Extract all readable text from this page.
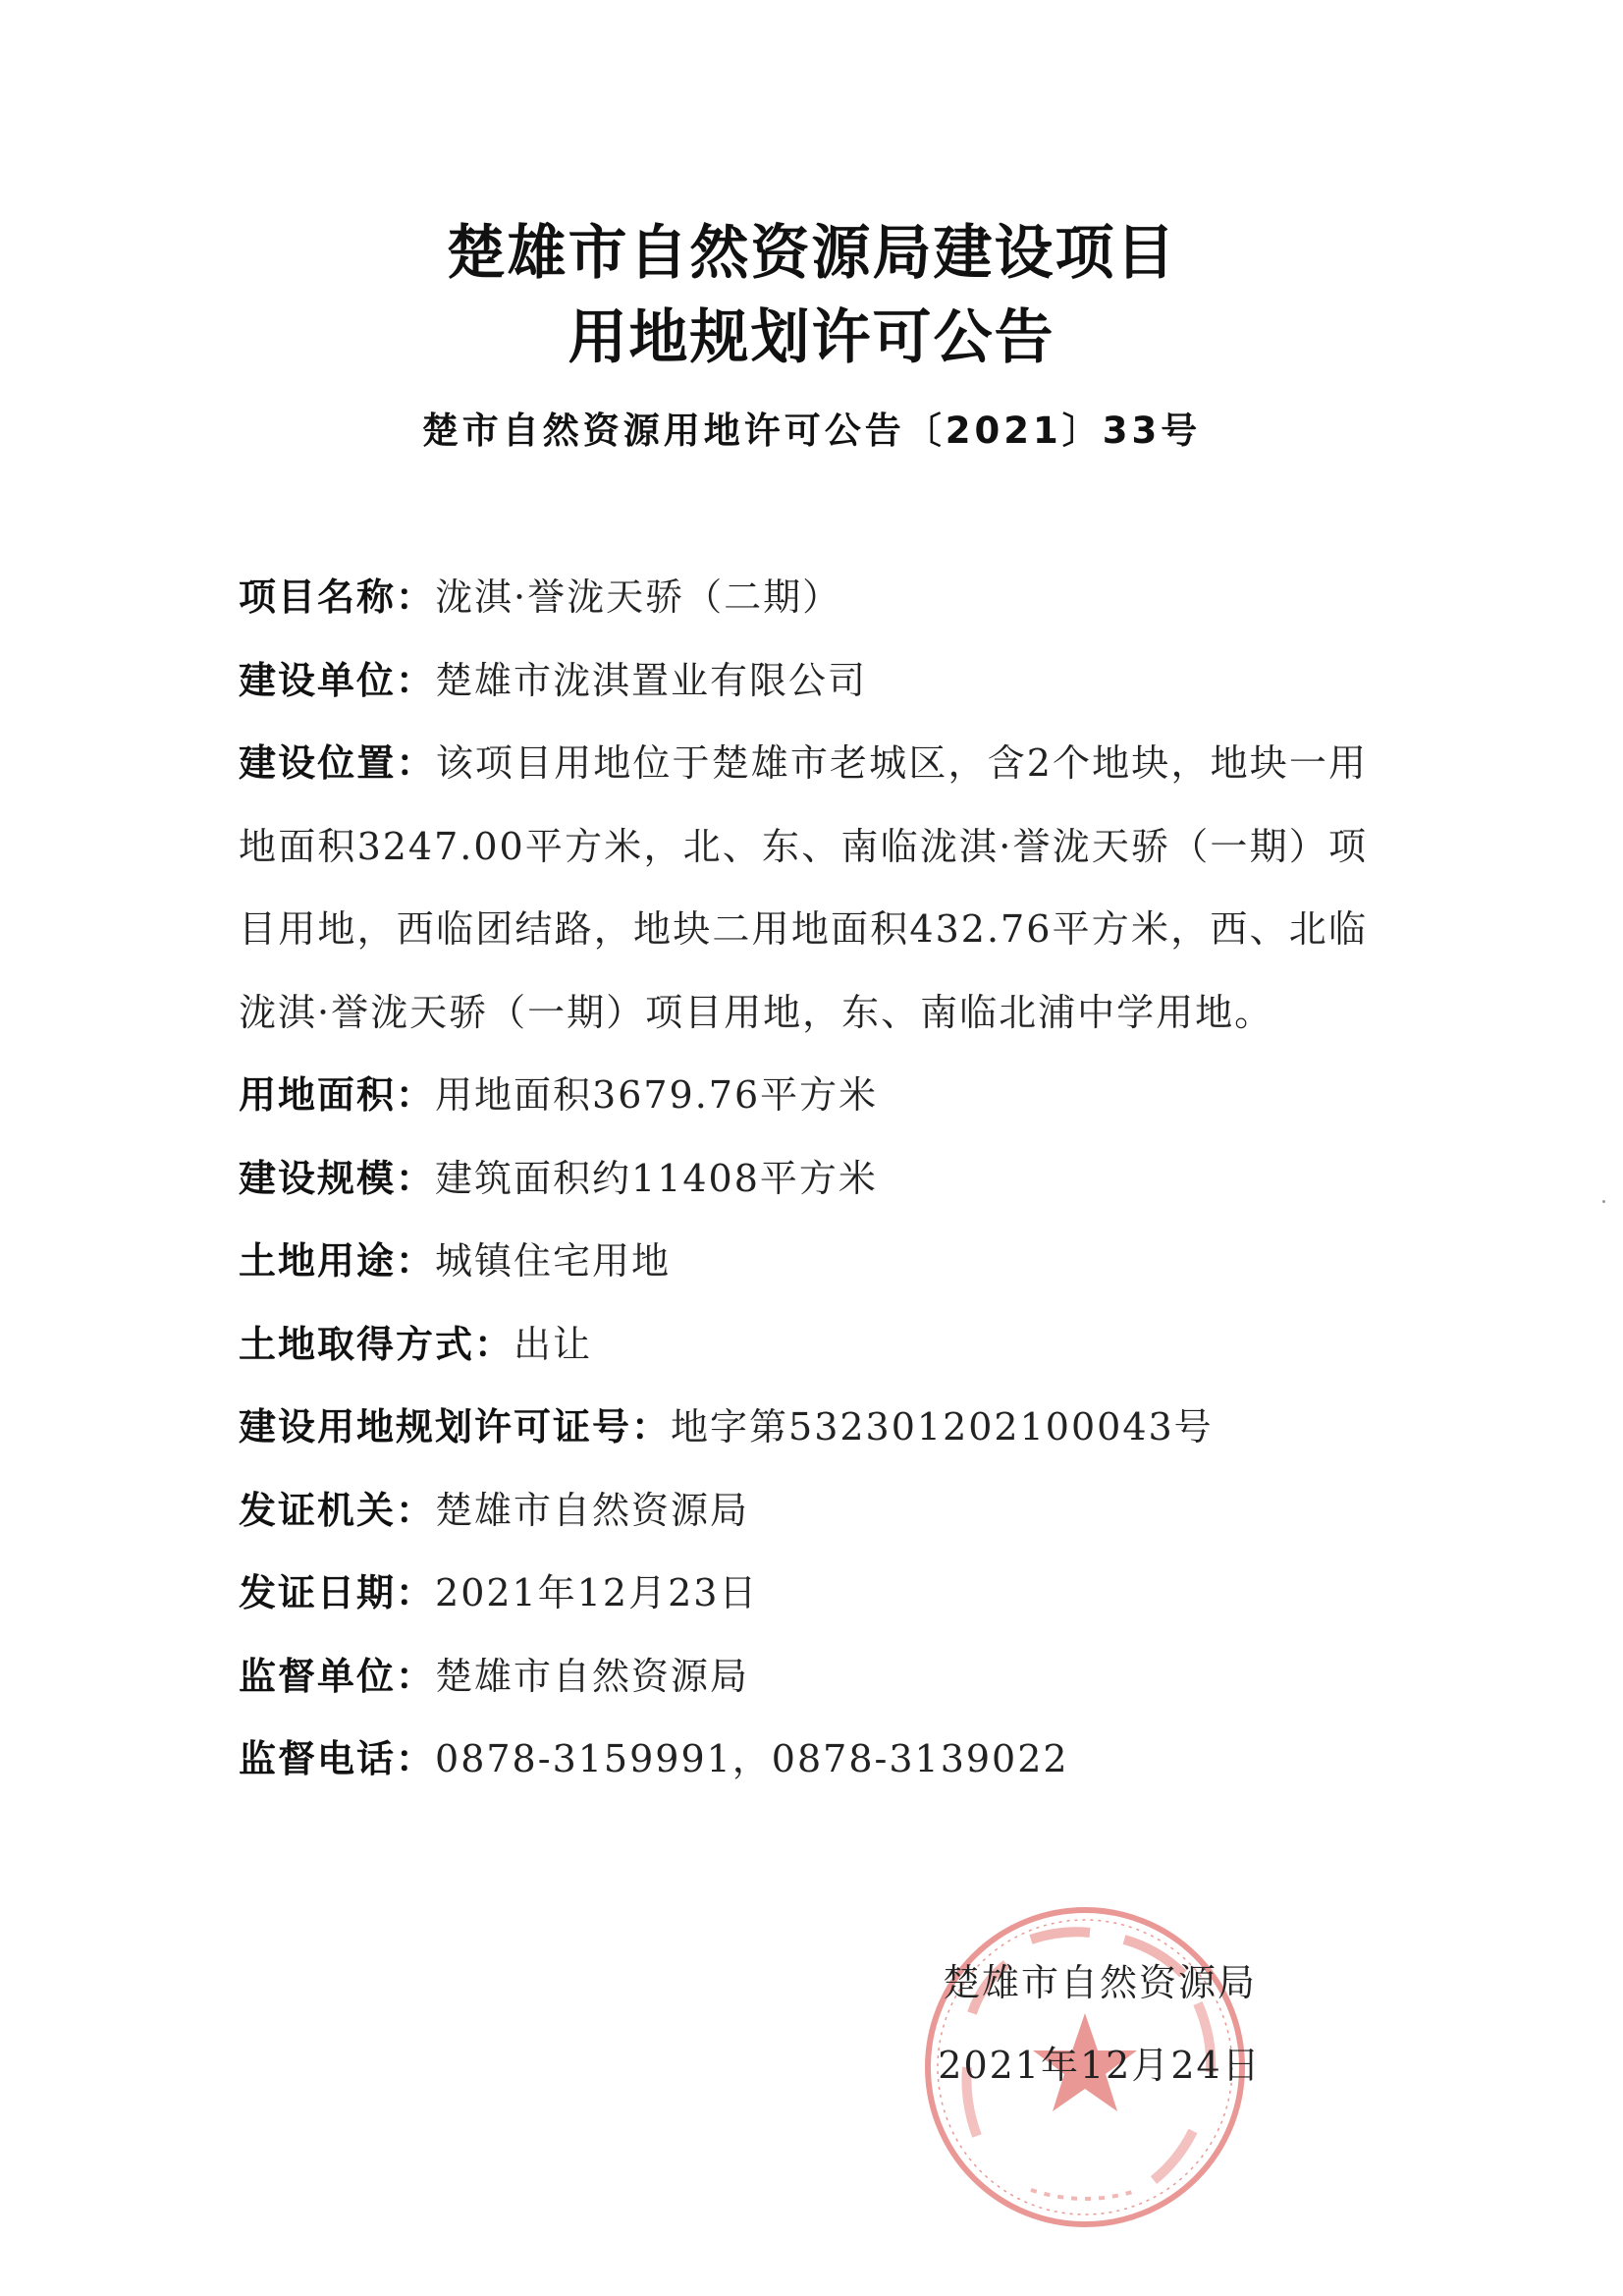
楚雄市自然资源局建设项目
用地规划许可公告
楚市自然资源用地许可公告〔2021〕33号
项目名称：泷淇·誉泷天骄（二期）
建设单位：楚雄市泷淇置业有限公司
建设位置：该项目用地位于楚雄市老城区，含2个地块，地块一用地面积3247.00平方米，北、东、南临泷淇·誉泷天骄（一期）项目用地，西临团结路，地块二用地面积432.76平方米，西、北临泷淇·誉泷天骄（一期）项目用地，东、南临北浦中学用地。
用地面积：用地面积3679.76平方米
建设规模：建筑面积约11408平方米
土地用途：城镇住宅用地
土地取得方式：出让
建设用地规划许可证号：地字第532301202100043号
发证机关：楚雄市自然资源局
发证日期：2021年12月23日
监督单位：楚雄市自然资源局
监督电话：0878-3159991，0878-3139022
楚雄市自然资源局
2021年12月24日
